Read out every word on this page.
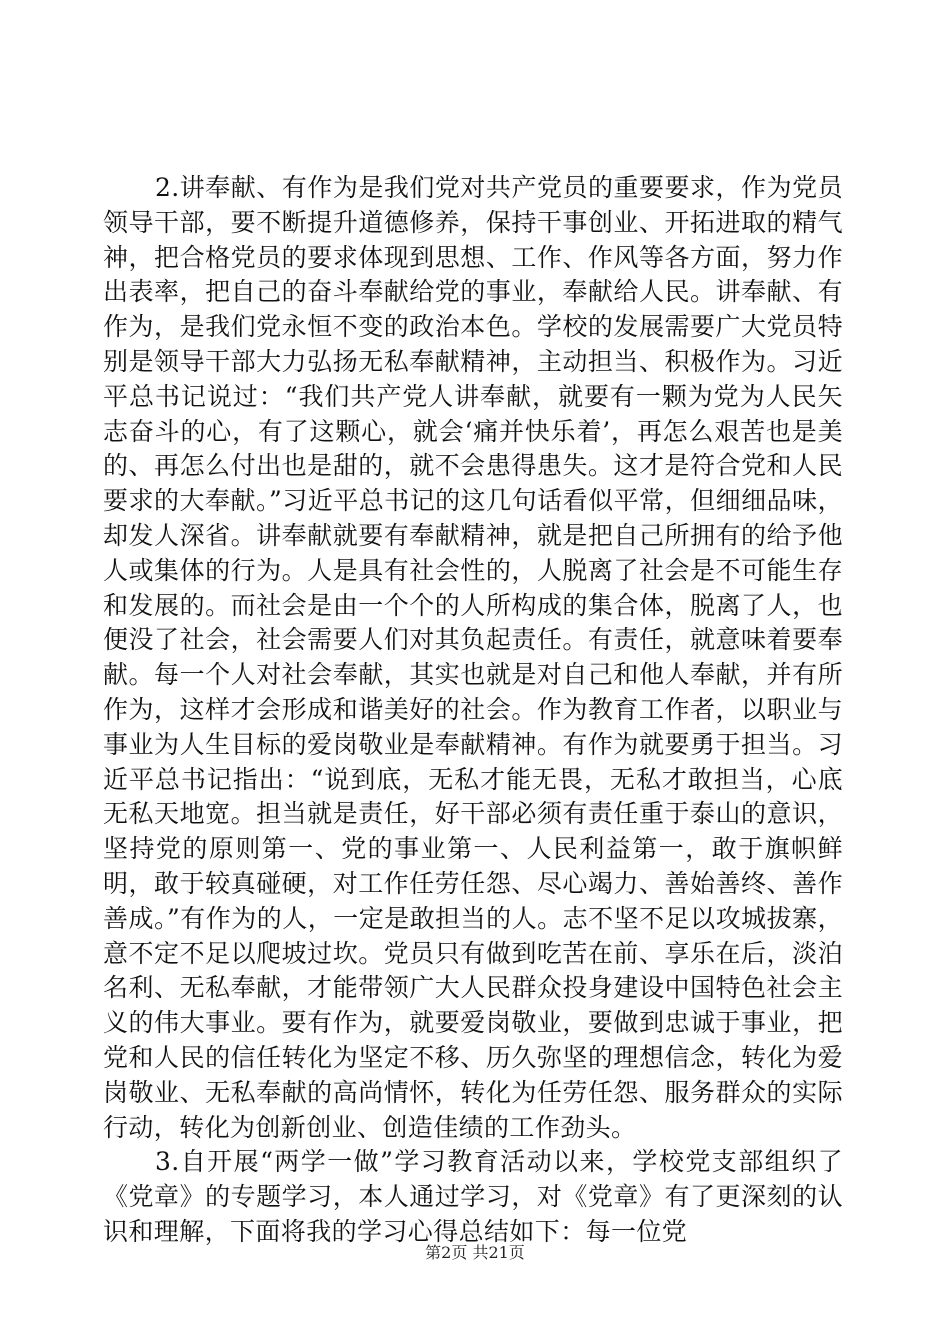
2.讲奉献、有作为是我们党对共产党员的重要要求，作为党员领导干部，要不断提升道德修养，保持干事创业、开拓进取的精气神，把合格党员的要求体现到思想、工作、作风等各方面，努力作出表率，把自己的奋斗奉献给党的事业，奉献给人民。讲奉献、有作为，是我们党永恒不变的政治本色。学校的发展需要广大党员特别是领导干部大力弘扬无私奉献精神，主动担当、积极作为。习近平总书记说过：“我们共产党人讲奉献，就要有一颗为党为人民矢志奋斗的心，有了这颗心，就会‘痛并快乐着’，再怎么艰苦也是美的、再怎么付出也是甜的，就不会患得患失。这才是符合党和人民要求的大奉献。”习近平总书记的这几句话看似平常，但细细品味，却发人深省。讲奉献就要有奉献精神，就是把自己所拥有的给予他人或集体的行为。人是具有社会性的，人脱离了社会是不可能生存和发展的。而社会是由一个个的人所构成的集合体，脱离了人，也便没了社会，社会需要人们对其负起责任。有责任，就意味着要奉献。每一个人对社会奉献，其实也就是对自己和他人奉献，并有所作为，这样才会形成和谐美好的社会。作为教育工作者，以职业与事业为人生目标的爱岗敬业是奉献精神。有作为就要勇于担当。习近平总书记指出：“说到底，无私才能无畏，无私才敢担当，心底无私天地宽。担当就是责任，好干部必须有责任重于泰山的意识，坚持党的原则第一、党的事业第一、人民利益第一，敢于旗帜鲜明，敢于较真碰硬，对工作任劳任怨、尽心竭力、善始善终、善作善成。”有作为的人，一定是敢担当的人。志不坚不足以攻城拔寨，意不定不足以爬坡过坎。党员只有做到吃苦在前、享乐在后，淡泊名利、无私奉献，才能带领广大人民群众投身建设中国特色社会主义的伟大事业。要有作为，就要爱岗敬业，要做到忠诚于事业，把党和人民的信任转化为坚定不移、历久弥坚的理想信念，转化为爱岗敬业、无私奉献的高尚情怀，转化为任劳任怨、服务群众的实际行动，转化为创新创业、创造佳绩的工作劲头。

3.自开展“两学一做”学习教育活动以来，学校党支部组织了《党章》的专题学习，本人通过学习，对《党章》有了更深刻的认识和理解，下面将我的学习心得总结如下：每一位党

第2页 共21页
